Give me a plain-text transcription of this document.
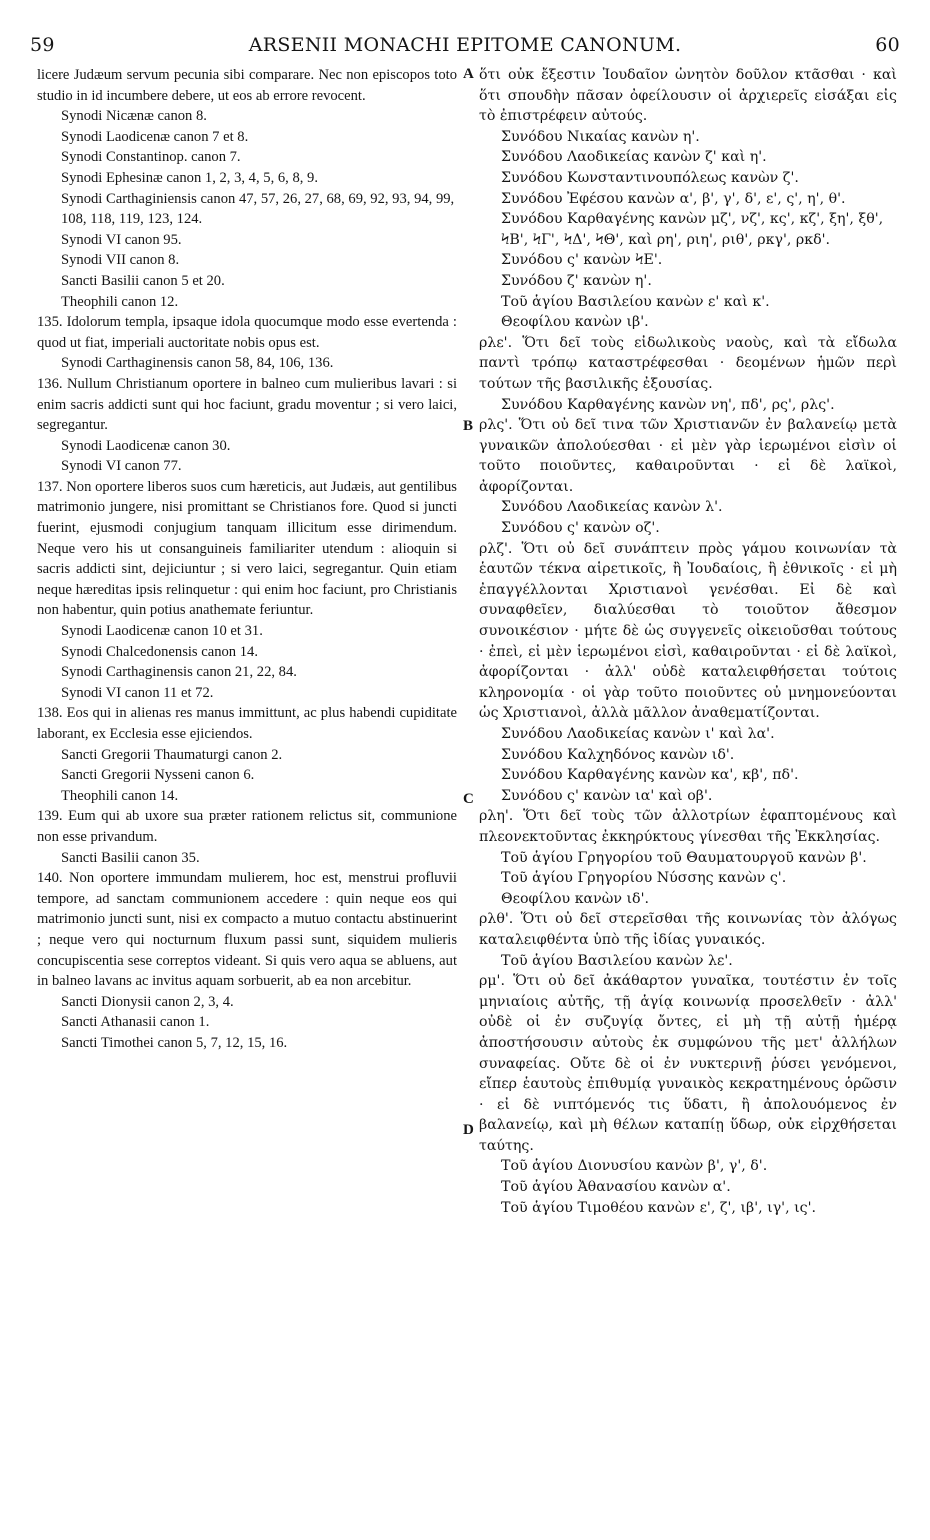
59	ARSENII MONACHI EPITOME CANONUM.	60

licere Judæum servum pecunia sibi comparare. Nec non episcopos toto studio in id incumbere debere, ut eos ab errore revocent.

Synodi Nicænæ canon 8.

Synodi Laodicenæ canon 7 et 8.

Synodi Constantinop. canon 7.

Synodi Ephesinæ canon 1, 2, 3, 4, 5, 6, 8, 9.

Synodi Carthaginiensis canon 47, 57, 26, 27, 68, 69, 92, 93, 94, 99, 108, 118, 119, 123, 124.

Synodi VI canon 95.

Synodi VII canon 8.

Sancti Basilii canon 5 et 20.

Theophili canon 12.

135. Idolorum templa, ipsaque idola quocumque modo esse evertenda : quod ut fiat, imperiali auctoritate nobis opus est.

Synodi Carthaginensis canon 58, 84, 106, 136.

136. Nullum Christianum oportere in balneo cum mulieribus lavari : si enim sacris addicti sunt qui hoc faciunt, gradu moventur ; si vero laici, segregantur.

Synodi Laodicenæ canon 30.

Synodi VI canon 77.

137. Non oportere liberos suos cum hæreticis, aut Judæis, aut gentilibus matrimonio jungere, nisi promittant se Christianos fore. Quod si juncti fuerint, ejusmodi conjugium tanquam illicitum esse dirimendum. Neque vero his ut consanguineis familiariter utendum : alioquin si sacris addicti sint, dejiciuntur ; si vero laici, segregantur. Quin etiam neque hæreditas ipsis relinquetur : qui enim hoc faciunt, pro Christianis non habentur, quin potius anathemate feriuntur.

Synodi Laodicenæ canon 10 et 31.

Synodi Chalcedonensis canon 14.

Synodi Carthaginensis canon 21, 22, 84.

Synodi VI canon 11 et 72.

138. Eos qui in alienas res manus immittunt, ac plus habendi cupiditate laborant, ex Ecclesia esse ejiciendos.

Sancti Gregorii Thaumaturgi canon 2.

Sancti Gregorii Nysseni canon 6.

Theophili canon 14.

139. Eum qui ab uxore sua præter rationem relictus sit, communione non esse privandum.

Sancti Basilii canon 35.

140. Non oportere immundam mulierem, hoc est, menstrui profluvii tempore, ad sanctam communionem accedere : quin neque eos qui matrimonio juncti sunt, nisi ex compacto a mutuo contactu abstinuerint ; neque vero qui nocturnum fluxum passi sunt, siquidem mulieris concupiscentia sese correptos videant. Si quis vero aqua se abluens, aut in balneo lavans ac invitus aquam sorbuerit, ab ea non arcebitur.

Sancti Dionysii canon 2, 3, 4.

Sancti Athanasii canon 1.

Sancti Timothei canon 5, 7, 12, 15, 16.

ὅτι οὐκ ἔξεστιν Ἰουδαῖον ὠνητὸν δοῦλον κτᾶσθαι · καὶ ὅτι σπουδὴν πᾶσαν ὀφείλουσιν οἱ ἀρχιερεῖς εἰσάξαι εἰς τὸ ἐπιστρέφειν αὐτούς.

Συνόδου Νικαίας κανὼν η'.

Συνόδου Λαοδικείας κανὼν ζ' καὶ η'.

Συνόδου Κωνσταντινουπόλεως κανὼν ζ'.

Συνόδου Ἐφέσου κανὼν α', β', γ', δ', ε', ς', η', θ'.

Συνόδου Καρθαγένης κανὼν μζ', νζ', κς', κζ', ξη', ξθ', ϞΒ', ϞΓ', ϞΔ', ϞΘ', καὶ ρη', ριη', ριθ', ρκγ', ρκδ'.

Συνόδου ς' κανὼν ϞΕ'.

Συνόδου ζ' κανὼν η'.

Τοῦ ἁγίου Βασιλείου κανὼν ε' καὶ κ'.

Θεοφίλου κανὼν ιβ'.

ρλε'. Ὅτι δεῖ τοὺς εἰδωλικοὺς ναοὺς, καὶ τὰ εἴδωλα παντὶ τρόπῳ καταστρέφεσθαι · δεομένων ἡμῶν περὶ τούτων τῆς βασιλικῆς ἐξουσίας.

Συνόδου Καρθαγένης κανὼν νη', πδ', ρς', ρλς'.

ρλς'. Ὅτι οὐ δεῖ τινα τῶν Χριστιανῶν ἐν βαλανείῳ μετὰ γυναικῶν ἀπολούεσθαι · εἰ μὲν γὰρ ἱερωμένοι εἰσὶν οἱ τοῦτο ποιοῦντες, καθαιροῦνται · εἰ δὲ λαϊκοὶ, ἀφορίζονται.

Συνόδου Λαοδικείας κανὼν λ'.

Συνόδου ς' κανὼν οζ'.

ρλζ'. Ὅτι οὐ δεῖ συνάπτειν πρὸς γάμου κοινωνίαν τὰ ἑαυτῶν τέκνα αἱρετικοῖς, ἢ Ἰουδαίοις, ἢ ἐθνικοῖς · εἰ μὴ ἐπαγγέλλονται Χριστιανοὶ γενέσθαι. Εἰ δὲ καὶ συναφθεῖεν, διαλύεσθαι τὸ τοιοῦτον ἄθεσμον συνοικέσιον · μήτε δὲ ὡς συγγενεῖς οἰκειοῦσθαι τούτους · ἐπεὶ, εἰ μὲν ἱερωμένοι εἰσὶ, καθαιροῦνται · εἰ δὲ λαϊκοὶ, ἀφορίζονται · ἀλλ' οὐδὲ καταλειφθήσεται τούτοις κληρονομία · οἱ γὰρ τοῦτο ποιοῦντες οὐ μνημονεύονται ὡς Χριστιανοὶ, ἀλλὰ μᾶλλον ἀναθεματίζονται.

Συνόδου Λαοδικείας κανὼν ι' καὶ λα'.

Συνόδου Καλχηδόνος κανὼν ιδ'.

Συνόδου Καρθαγένης κανὼν κα', κβ', πδ'.

Συνόδου ς' κανὼν ια' καὶ οβ'.

ρλη'. Ὅτι δεῖ τοὺς τῶν ἀλλοτρίων ἐφαπτομένους καὶ πλεονεκτοῦντας ἐκκηρύκτους γίνεσθαι τῆς Ἐκκλησίας.

Τοῦ ἁγίου Γρηγορίου τοῦ Θαυματουργοῦ κανὼν β'.

Τοῦ ἁγίου Γρηγορίου Νύσσης κανὼν ς'.

Θεοφίλου κανὼν ιδ'.

ρλθ'. Ὅτι οὐ δεῖ στερεῖσθαι τῆς κοινωνίας τὸν ἀλόγως καταλειφθέντα ὑπὸ τῆς ἰδίας γυναικός.

Τοῦ ἁγίου Βασιλείου κανὼν λε'.

ρμ'. Ὅτι οὐ δεῖ ἀκάθαρτον γυναῖκα, τουτέστιν ἐν τοῖς μηνιαίοις αὐτῆς, τῇ ἁγίᾳ κοινωνίᾳ προσελθεῖν · ἀλλ' οὐδὲ οἱ ἐν συζυγίᾳ ὄντες, εἰ μὴ τῇ αὐτῇ ἡμέρᾳ ἀποστήσουσιν αὐτοὺς ἐκ συμφώνου τῆς μετ' ἀλλήλων συναφείας. Οὔτε δὲ οἱ ἐν νυκτερινῇ ῥύσει γενόμενοι, εἴπερ ἑαυτοὺς ἐπιθυμίᾳ γυναικὸς κεκρατημένους ὁρῶσιν · εἰ δὲ νιπτόμενός τις ὕδατι, ἢ ἀπολουόμενος ἐν βαλανείῳ, καὶ μὴ θέλων καταπίῃ ὕδωρ, οὐκ εἰρχθήσεται ταύτης.

Τοῦ ἁγίου Διονυσίου κανὼν β', γ', δ'.

Τοῦ ἁγίου Ἀθανασίου κανὼν α'.

Τοῦ ἁγίου Τιμοθέου κανὼν ε', ζ', ιβ', ιγ', ις'.

A
B
C
D
